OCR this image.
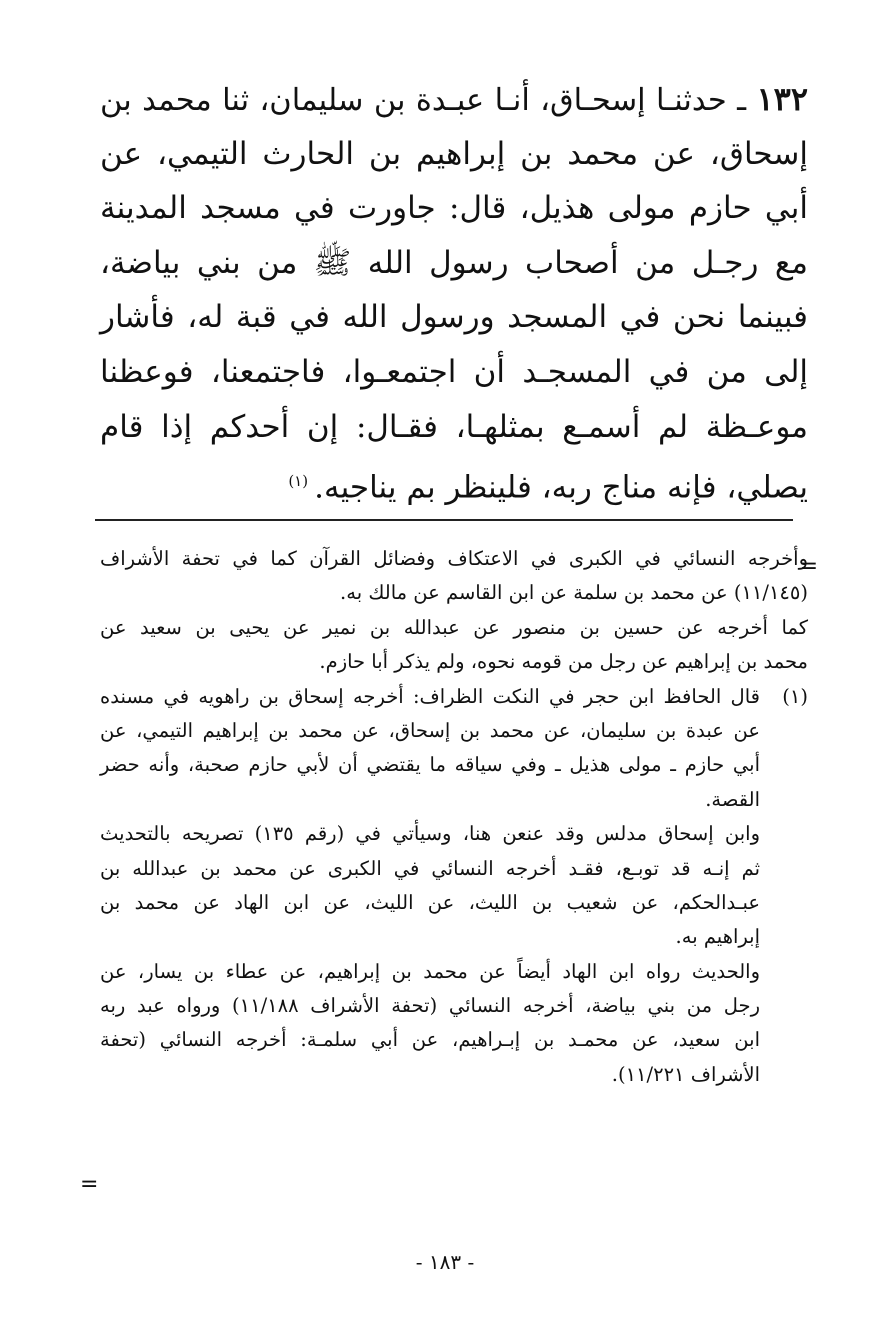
١٣٢ ـ حدثنـا إسحـاق، أنـا عبـدة بن سليمان، ثنا محمد بن
إسحاق، عن محمد بن إبراهيم بن الحارث التيمي، عن
أبي حازم مولى هذيل، قال: جاورت في مسجد المدينة
مع رجـل من أصحاب رسول الله ﷺ من بني بياضة،
فبينما نحن في المسجد ورسول الله في قبة له، فأشار
إلى من في المسجـد أن اجتمعـوا، فاجتمعنا، فوعظنا
موعـظة لم أسمـع بمثلهـا، فقـال: إن أحدكم إذا قام
يصلي، فإنه مناج ربه، فلينظر بم يناجيه.$^{(١)}$
=
وأخرجه النسائي في الكبرى في الاعتكاف وفضائل القرآن كما في تحفة الأشراف
(١١/١٤٥) عن محمد بن سلمة عن ابن القاسم عن مالك به.
كما أخرجه عن حسين بن منصور عن عبدالله بن نمير عن يحيى بن سعيد عن
محمد بن إبراهيم عن رجل من قومه نحوه، ولم يذكر أبا حازم.
(١)
قال الحافظ ابن حجر في النكت الظراف: أخرجه إسحاق بن راهويه في مسنده
عن عبدة بن سليمان، عن محمد بن إسحاق، عن محمد بن إبراهيم التيمي، عن
أبي حازم ـ مولى هذيل ـ وفي سياقه ما يقتضي أن لأبي حازم صحبة، وأنه حضر
القصة.
وابن إسحاق مدلس وقد عنعن هنا، وسيأتي في (رقم ١٣٥) تصريحه بالتحديث
ثم إنـه قد توبـع، فقـد أخرجه النسائي في الكبرى عن محمد بن عبدالله بن
عبـدالحكم، عن شعيب بن الليث، عن الليث، عن ابن الهاد عن محمد بن
إبراهيم به.
والحديث رواه ابن الهاد أيضاً عن محمد بن إبراهيم، عن عطاء بن يسار، عن
رجل من بني بياضة، أخرجه النسائي (تحفة الأشراف ١١/١٨٨) ورواه عبد ربه
ابن سعيد، عن محمـد بن إبـراهيم، عن أبي سلمـة: أخرجه النسائي (تحفة
الأشراف ١١/٢٢١).
=
- ١٨٣ -
